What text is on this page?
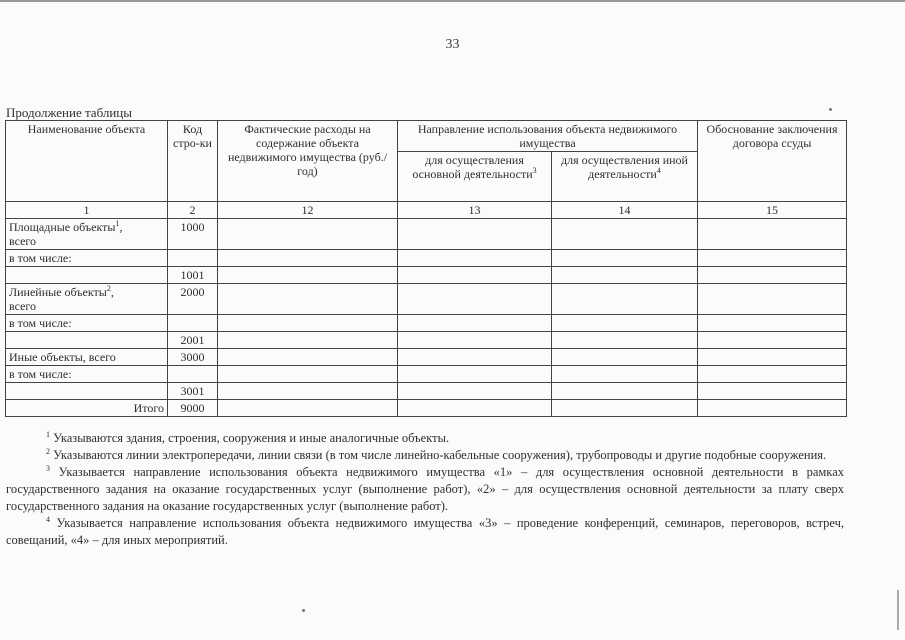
33
Продолжение таблицы
Наименование объекта	Код стро-ки	Фактические расходы на содержание объекта недвижимого имущества (руб./год)	Направление использования объекта недвижимого имущества		Обоснование заключения договора ссуды
			для осуществления основной деятельности$^3$	для осуществления иной деятельности$^4$
1	2	12	13	14	15
Площадные объекты$^1$,
всего	1000				
в том числе:					
	1001				
Линейные объекты$^2$,
всего	2000				
в том числе:					
	2001				
Иные объекты, всего	3000				
в том числе:					
	3001				
Итого	9000				

$^1$ Указываются здания, строения, сооружения и иные аналогичные объекты.

$^2$ Указываются линии электропередачи, линии связи (в том числе линейно-кабельные сооружения), трубопроводы и другие подобные сооружения.

$^3$ Указывается направление использования объекта недвижимого имущества «1» – для осуществления основной деятельности в рамках государственного задания на оказание государственных услуг (выполнение работ), «2» – для осуществления основной деятельности за плату сверх государственного задания на оказание государственных услуг (выполнение работ).

$^4$ Указывается направление использования объекта недвижимого имущества «3» – проведение конференций, семинаров, переговоров, встреч, совещаний, «4» – для иных мероприятий.
